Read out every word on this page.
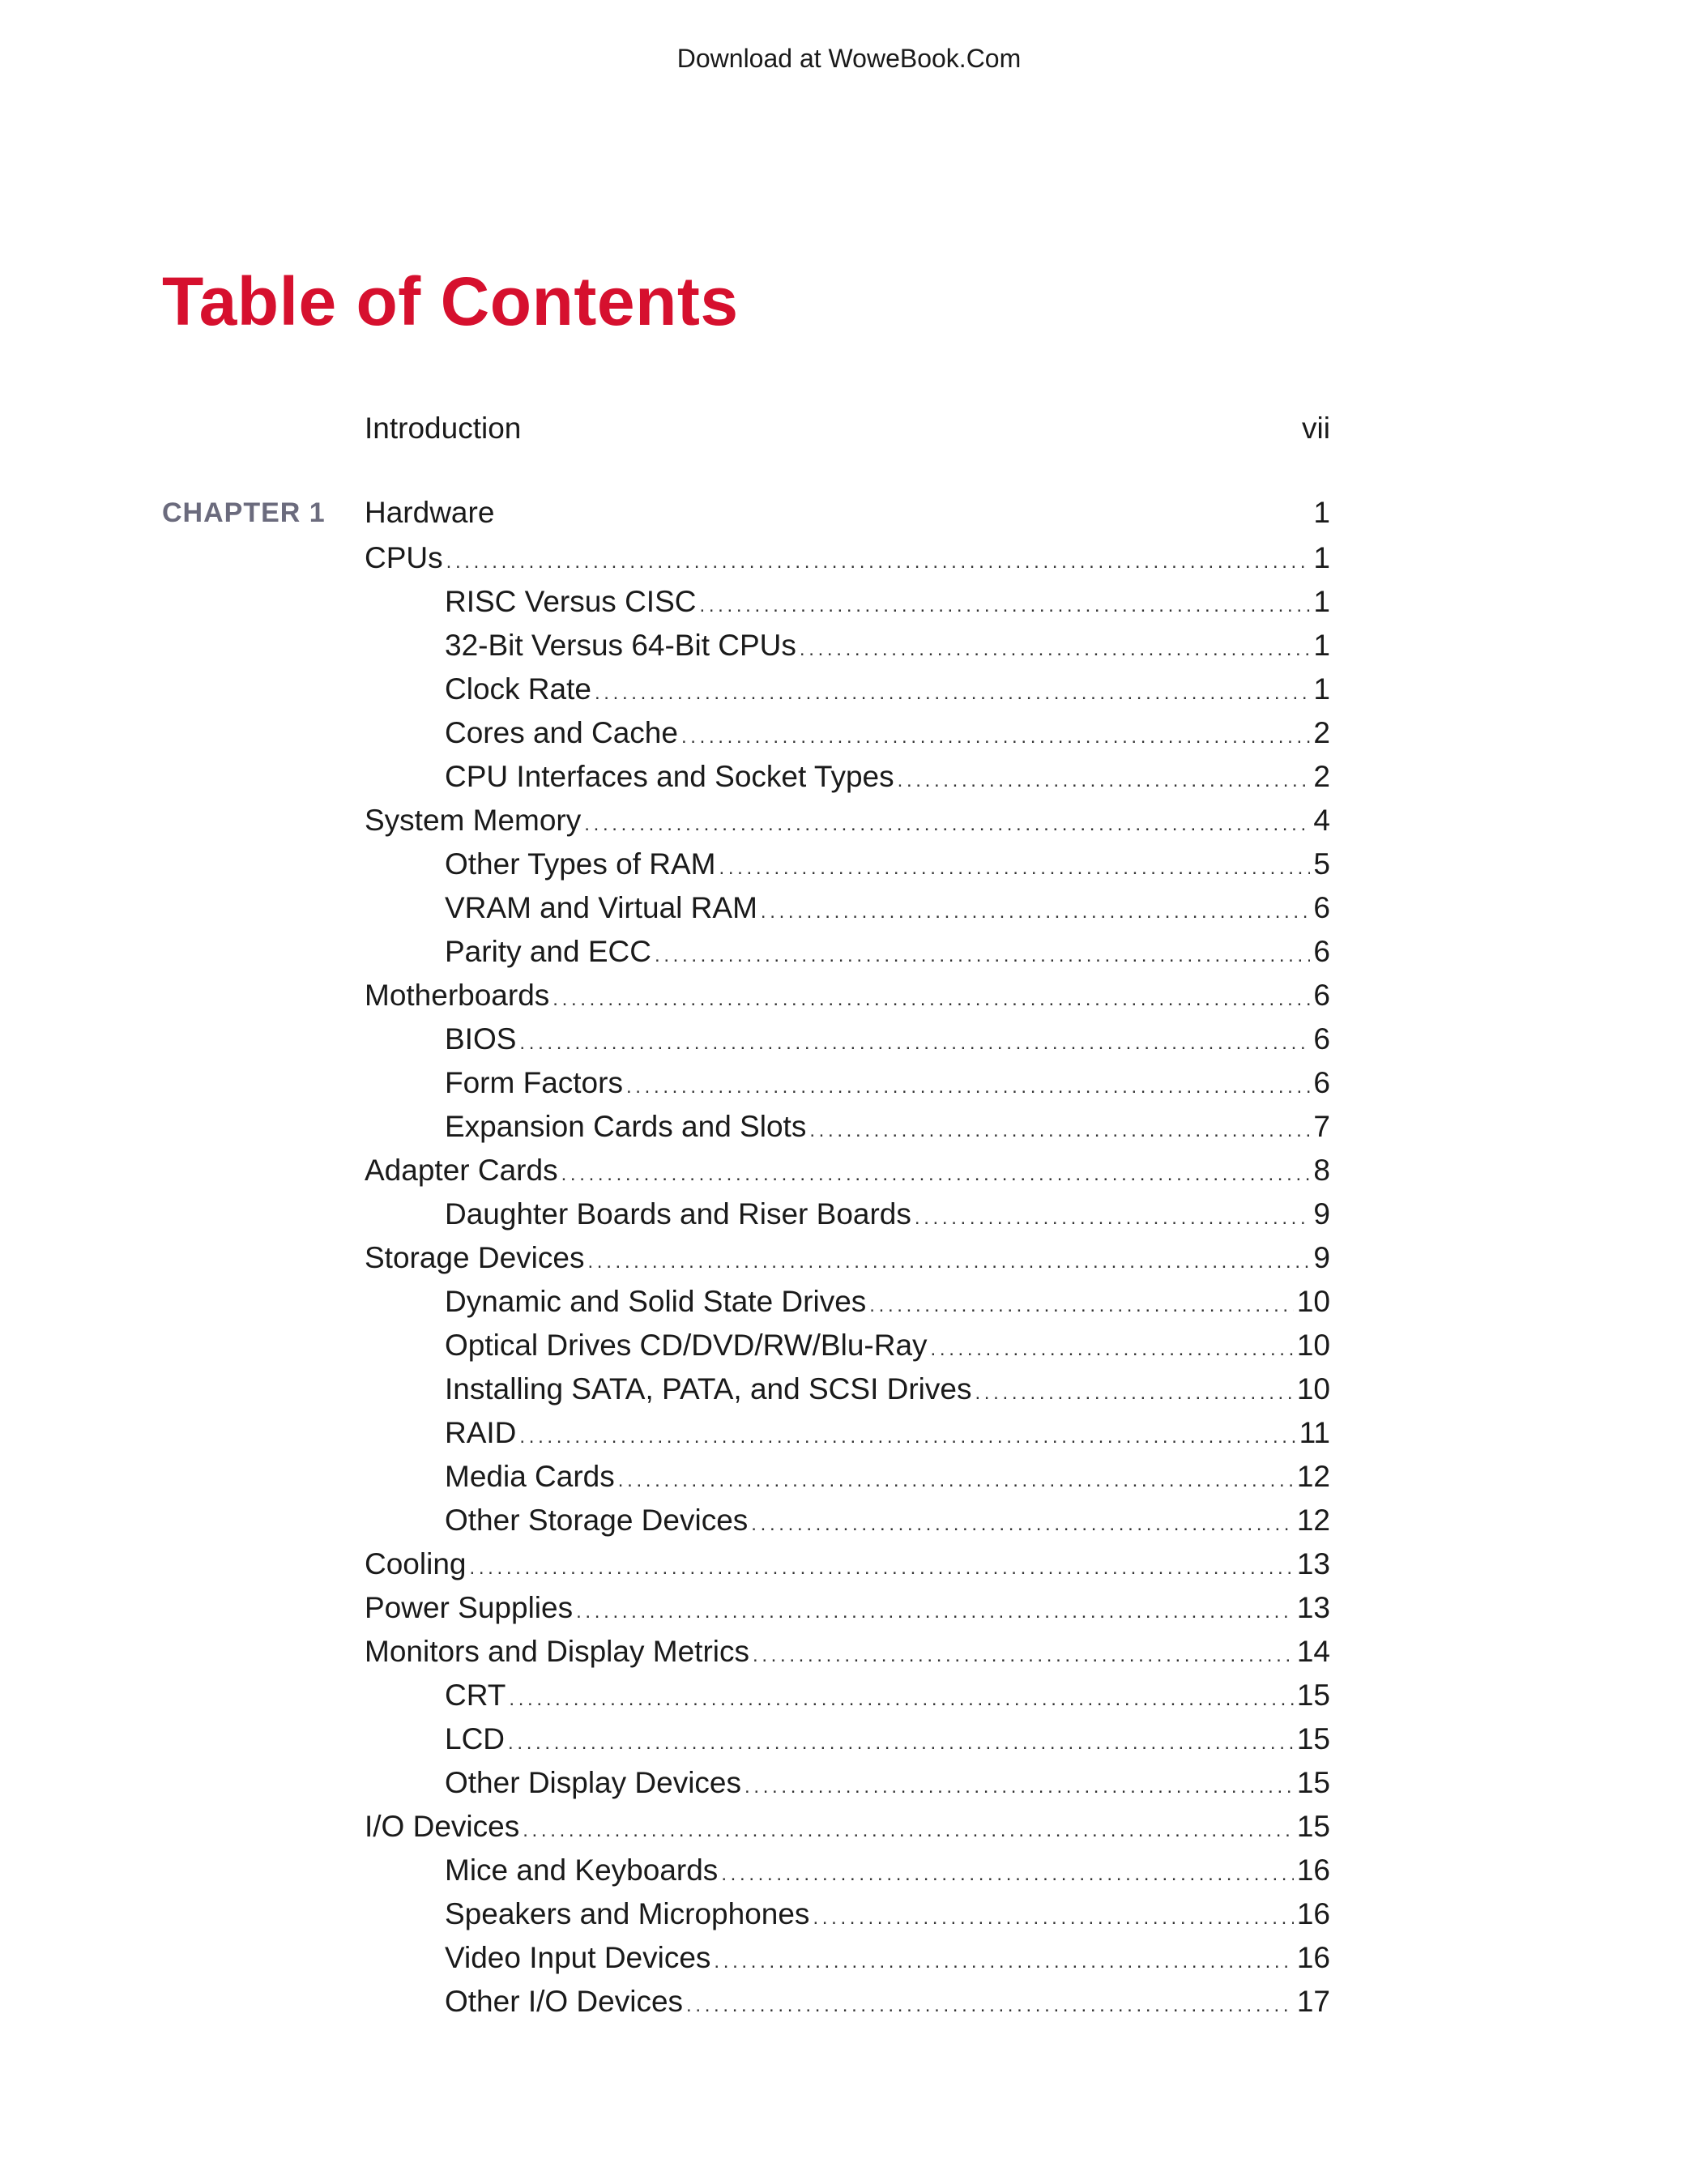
Download at WoweBook.Com
Table of Contents
Introduction	vii
CHAPTER 1 Hardware	1
CPUs . . .	1
RISC Versus CISC . . .	1
32-Bit Versus 64-Bit CPUs . . .	1
Clock Rate . . .	1
Cores and Cache . . .	2
CPU Interfaces and Socket Types . . .	2
System Memory . . .	4
Other Types of RAM . . .	5
VRAM and Virtual RAM . . .	6
Parity and ECC . . .	6
Motherboards . . .	6
BIOS . . .	6
Form Factors . . .	6
Expansion Cards and Slots . . .	7
Adapter Cards . . .	8
Daughter Boards and Riser Boards . . .	9
Storage Devices . . .	9
Dynamic and Solid State Drives . . .	10
Optical Drives CD/DVD/RW/Blu-Ray . . .	10
Installing SATA, PATA, and SCSI Drives . . .	10
RAID . . .	11
Media Cards . . .	12
Other Storage Devices . . .	12
Cooling . . .	13
Power Supplies . . .	13
Monitors and Display Metrics . . .	14
CRT . . .	15
LCD . . .	15
Other Display Devices . . .	15
I/O Devices . . .	15
Mice and Keyboards . . .	16
Speakers and Microphones . . .	16
Video Input Devices . . .	16
Other I/O Devices . . .	17
